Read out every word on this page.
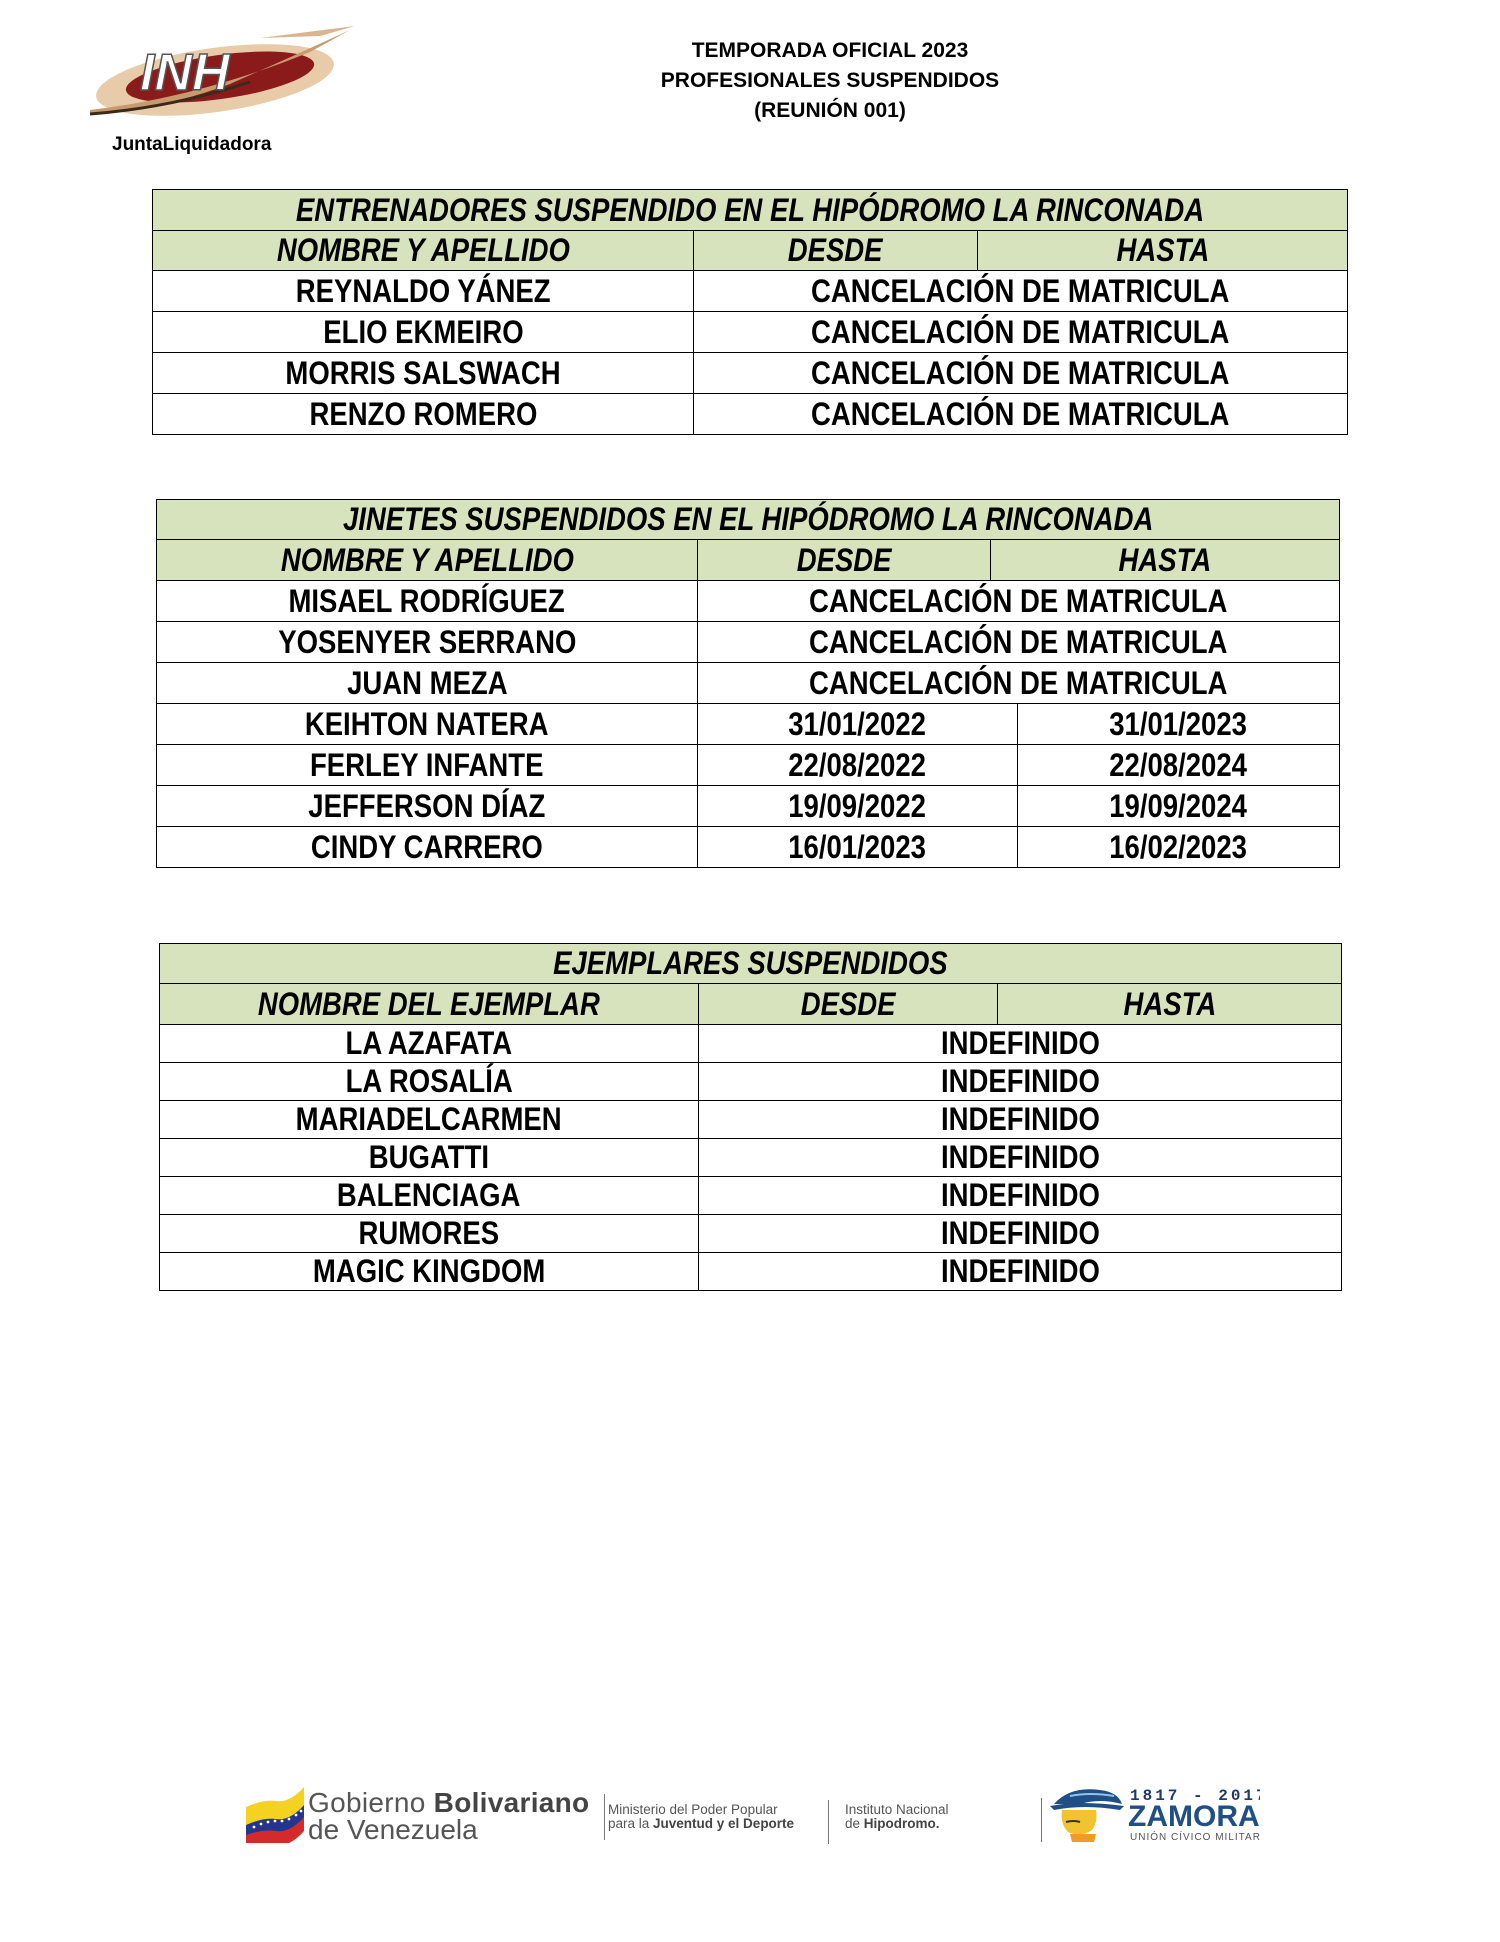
INH
JuntaLiquidadora
TEMPORADA OFICIAL 2023
PROFESIONALES SUSPENDIDOS
(REUNIÓN 001)
ENTRENADORES SUSPENDIDO EN EL HIPÓDROMO LA RINCONADA		
NOMBRE Y APELLIDO	DESDE	HASTA
REYNALDO YÁNEZ	CANCELACIÓN DE MATRICULA	
ELIO EKMEIRO	CANCELACIÓN DE MATRICULA	
MORRIS SALSWACH	CANCELACIÓN DE MATRICULA	
RENZO ROMERO	CANCELACIÓN DE MATRICULA	
JINETES SUSPENDIDOS EN EL HIPÓDROMO LA RINCONADA			
NOMBRE Y APELLIDO	DESDE	HASTA	
MISAEL RODRÍGUEZ	CANCELACIÓN DE MATRICULA		
YOSENYER SERRANO	CANCELACIÓN DE MATRICULA		
JUAN MEZA	CANCELACIÓN DE MATRICULA		
KEIHTON NATERA	31/01/2022		31/01/2023
FERLEY INFANTE	22/08/2022		22/08/2024
JEFFERSON DÍAZ	19/09/2022		19/09/2024
CINDY CARRERO	16/01/2023		16/02/2023
EJEMPLARES SUSPENDIDOS		
NOMBRE DEL EJEMPLAR	DESDE	HASTA
LA AZAFATA	INDEFINIDO	
LA ROSALÍA	INDEFINIDO	
MARIADELCARMEN	INDEFINIDO	
BUGATTI	INDEFINIDO	
BALENCIAGA	INDEFINIDO	
RUMORES	INDEFINIDO	
MAGIC KINGDOM	INDEFINIDO	
Gobierno Bolivariano
de Venezuela
Ministerio del Poder Popular
para la Juventud y el Deporte
Instituto Nacional
de Hipodromo.
1817 - 2017
ZAMORA
UNIÓN CÍVICO MILITAR
